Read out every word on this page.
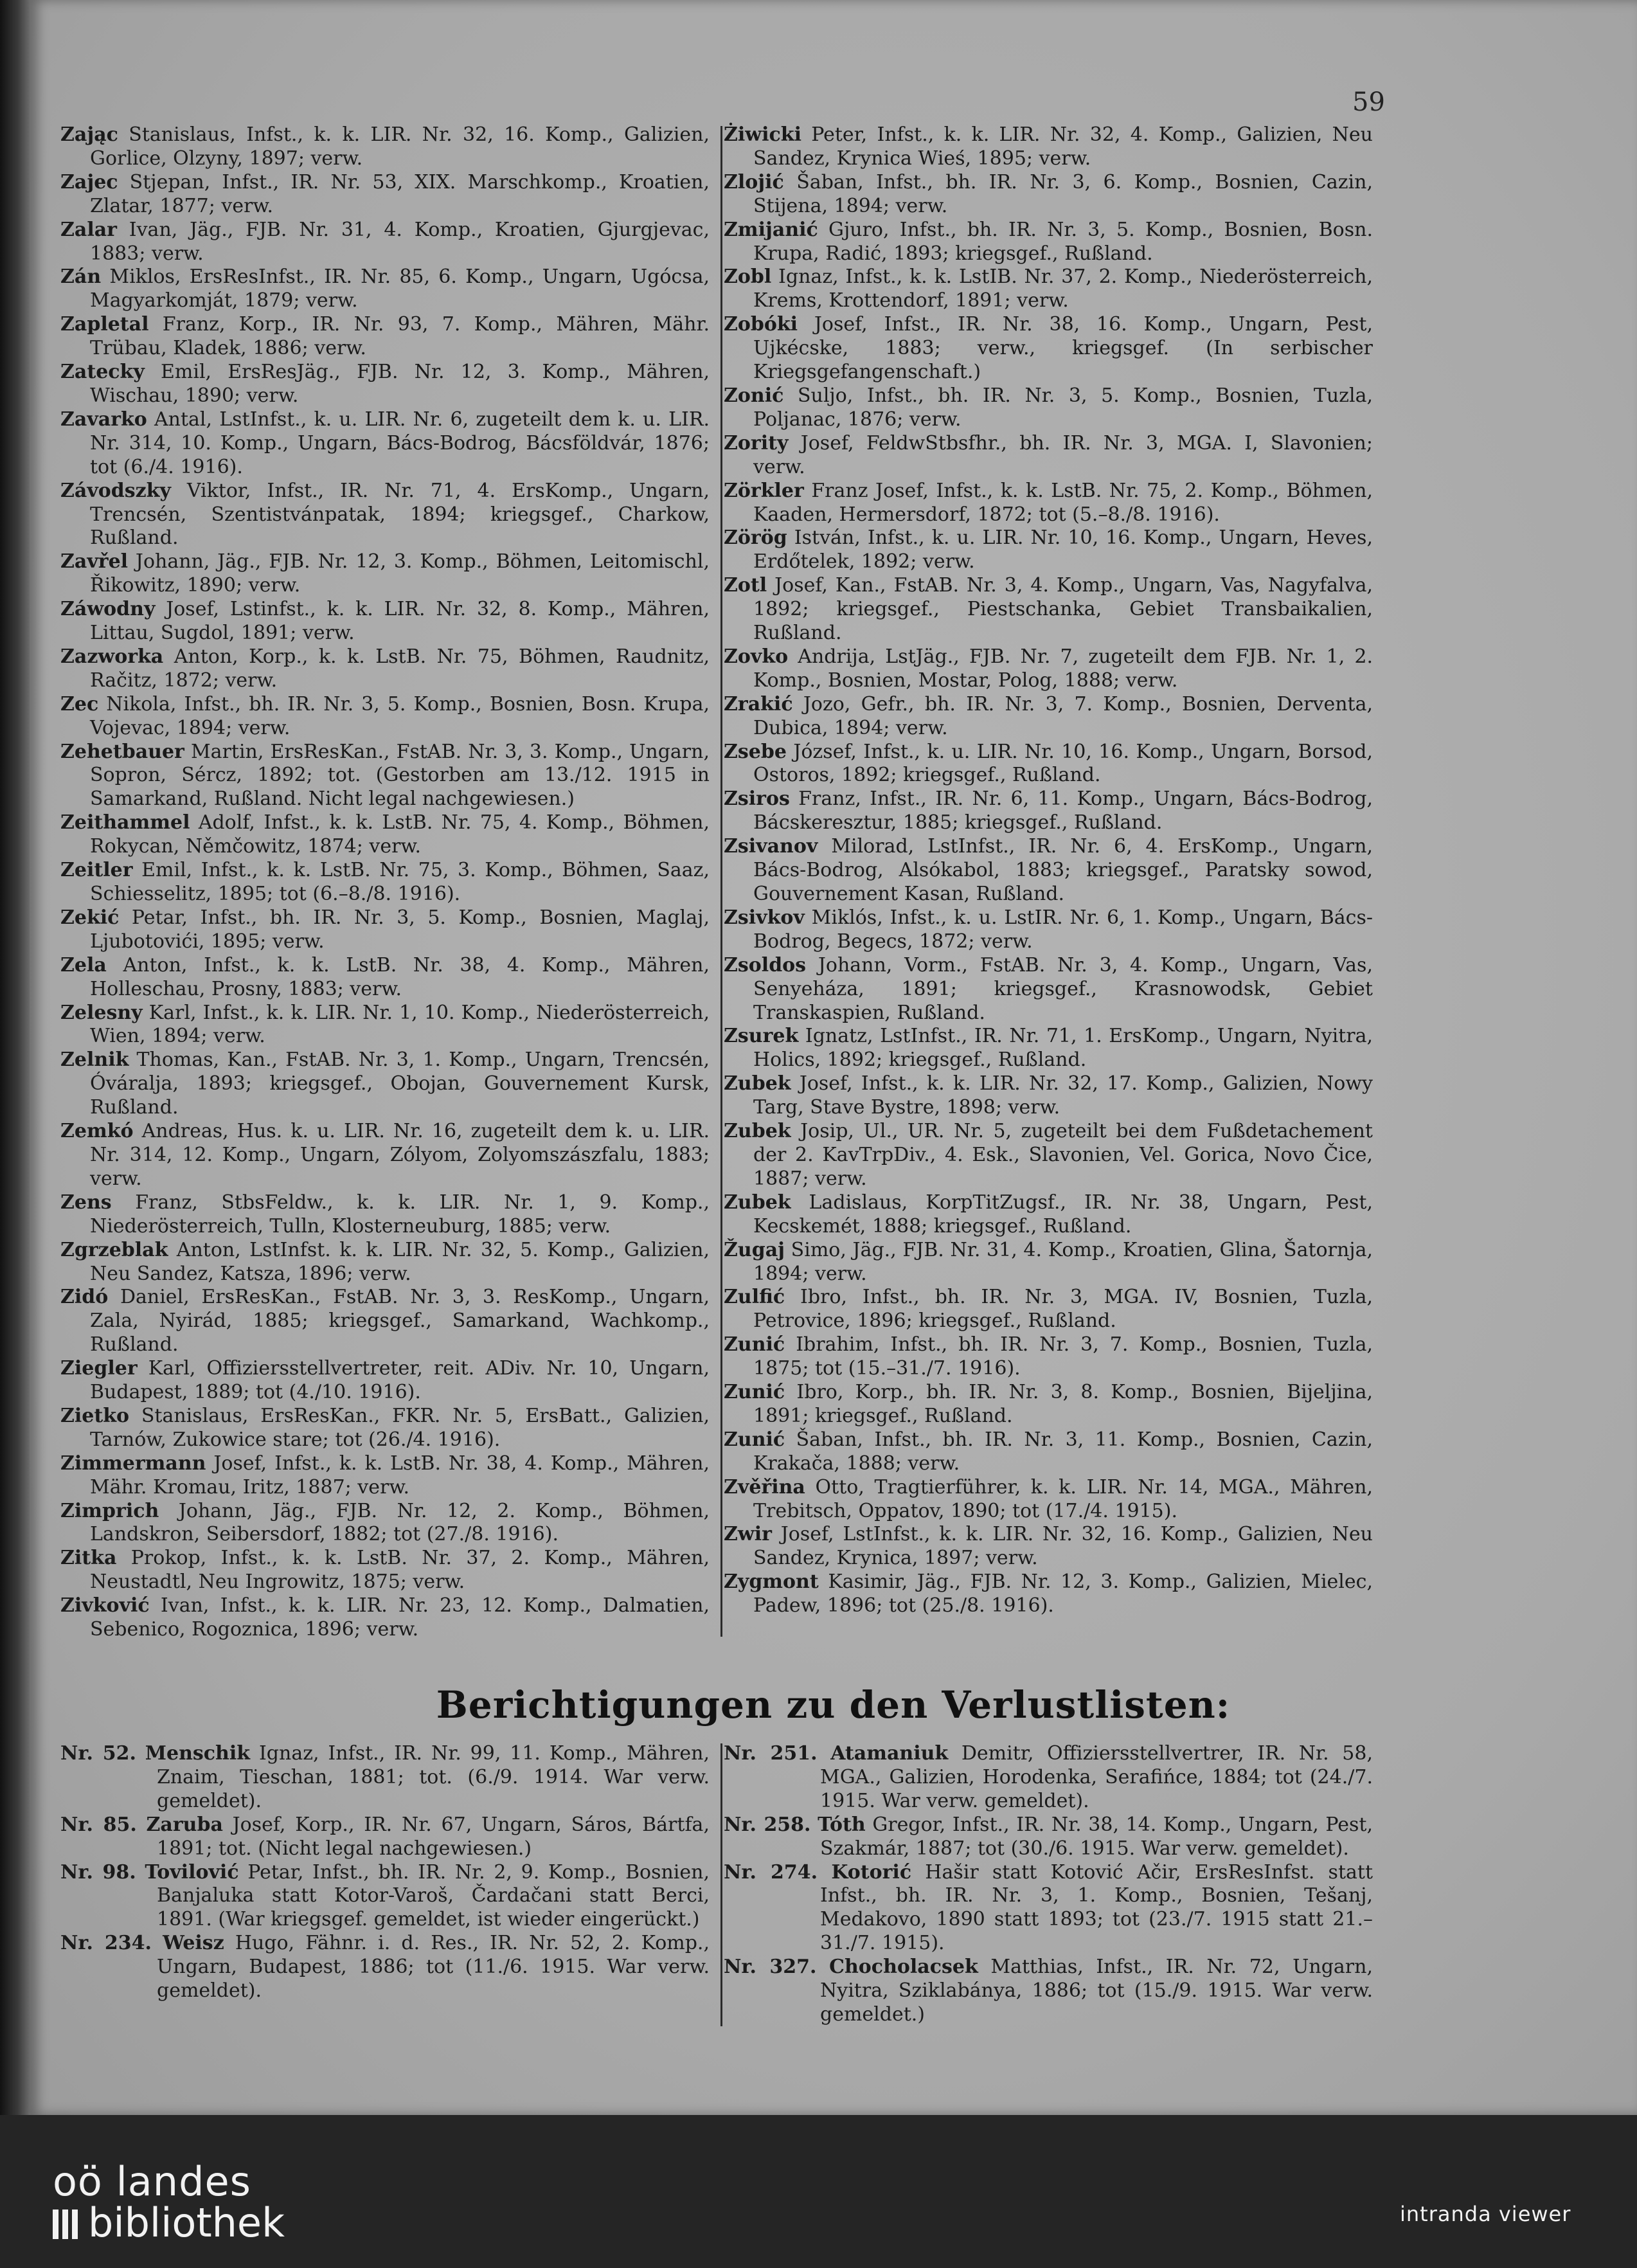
59

Zając Stanislaus, Infst., k. k. LIR. Nr. 32, 16. Komp., Galizien, Gorlice, Olzyny, 1897; verw.

Zajec Stjepan, Infst., IR. Nr. 53, XIX. Marschkomp., Kroatien, Zlatar, 1877; verw.

Zalar Ivan, Jäg., FJB. Nr. 31, 4. Komp., Kroatien, Gjurgjevac, 1883; verw.

Zán Miklos, ErsResInfst., IR. Nr. 85, 6. Komp., Ungarn, Ugócsa, Magyarkomját, 1879; verw.

Zapletal Franz, Korp., IR. Nr. 93, 7. Komp., Mähren, Mähr. Trübau, Kladek, 1886; verw.

Zatecky Emil, ErsResJäg., FJB. Nr. 12, 3. Komp., Mähren, Wischau, 1890; verw.

Zavarko Antal, LstInfst., k. u. LIR. Nr. 6, zugeteilt dem k. u. LIR. Nr. 314, 10. Komp., Ungarn, Bács-Bodrog, Bácsföldvár, 1876; tot (6./4. 1916).

Závodszky Viktor, Infst., IR. Nr. 71, 4. ErsKomp., Ungarn, Trencsén, Szentistvánpatak, 1894; kriegsgef., Charkow, Rußland.

Zavřel Johann, Jäg., FJB. Nr. 12, 3. Komp., Böhmen, Leitomischl, Řikowitz, 1890; verw.

Záwodny Josef, Lstinfst., k. k. LIR. Nr. 32, 8. Komp., Mähren, Littau, Sugdol, 1891; verw.

Zazworka Anton, Korp., k. k. LstB. Nr. 75, Böhmen, Raudnitz, Račitz, 1872; verw.

Zec Nikola, Infst., bh. IR. Nr. 3, 5. Komp., Bosnien, Bosn. Krupa, Vojevac, 1894; verw.

Zehetbauer Martin, ErsResKan., FstAB. Nr. 3, 3. Komp., Ungarn, Sopron, Sércz, 1892; tot. (Gestorben am 13./12. 1915 in Samarkand, Rußland. Nicht legal nachgewiesen.)

Zeithammel Adolf, Infst., k. k. LstB. Nr. 75, 4. Komp., Böhmen, Rokycan, Němčowitz, 1874; verw.

Zeitler Emil, Infst., k. k. LstB. Nr. 75, 3. Komp., Böhmen, Saaz, Schiesselitz, 1895; tot (6.–8./8. 1916).

Zekić Petar, Infst., bh. IR. Nr. 3, 5. Komp., Bosnien, Maglaj, Ljubotovići, 1895; verw.

Zela Anton, Infst., k. k. LstB. Nr. 38, 4. Komp., Mähren, Holleschau, Prosny, 1883; verw.

Zelesny Karl, Infst., k. k. LIR. Nr. 1, 10. Komp., Niederösterreich, Wien, 1894; verw.

Zelnik Thomas, Kan., FstAB. Nr. 3, 1. Komp., Ungarn, Trencsén, Óváralja, 1893; kriegsgef., Obojan, Gouvernement Kursk, Rußland.

Zemkó Andreas, Hus. k. u. LIR. Nr. 16, zugeteilt dem k. u. LIR. Nr. 314, 12. Komp., Ungarn, Zólyom, Zolyomszászfalu, 1883; verw.

Zens Franz, StbsFeldw., k. k. LIR. Nr. 1, 9. Komp., Niederösterreich, Tulln, Klosterneuburg, 1885; verw.

Zgrzeblak Anton, LstInfst. k. k. LIR. Nr. 32, 5. Komp., Galizien, Neu Sandez, Katsza, 1896; verw.

Zidó Daniel, ErsResKan., FstAB. Nr. 3, 3. ResKomp., Ungarn, Zala, Nyirád, 1885; kriegsgef., Samarkand, Wachkomp., Rußland.

Ziegler Karl, Offiziersstellvertreter, reit. ADiv. Nr. 10, Ungarn, Budapest, 1889; tot (4./10. 1916).

Zietko Stanislaus, ErsResKan., FKR. Nr. 5, ErsBatt., Galizien, Tarnów, Zukowice stare; tot (26./4. 1916).

Zimmermann Josef, Infst., k. k. LstB. Nr. 38, 4. Komp., Mähren, Mähr. Kromau, Iritz, 1887; verw.

Zimprich Johann, Jäg., FJB. Nr. 12, 2. Komp., Böhmen, Landskron, Seibersdorf, 1882; tot (27./8. 1916).

Zitka Prokop, Infst., k. k. LstB. Nr. 37, 2. Komp., Mähren, Neustadtl, Neu Ingrowitz, 1875; verw.

Zivković Ivan, Infst., k. k. LIR. Nr. 23, 12. Komp., Dalmatien, Sebenico, Rogoznica, 1896; verw.

Żiwicki Peter, Infst., k. k. LIR. Nr. 32, 4. Komp., Galizien, Neu Sandez, Krynica Wieś, 1895; verw.

Zlojić Šaban, Infst., bh. IR. Nr. 3, 6. Komp., Bosnien, Cazin, Stijena, 1894; verw.

Zmijanić Gjuro, Infst., bh. IR. Nr. 3, 5. Komp., Bosnien, Bosn. Krupa, Radić, 1893; kriegsgef., Rußland.

Zobl Ignaz, Infst., k. k. LstIB. Nr. 37, 2. Komp., Niederösterreich, Krems, Krottendorf, 1891; verw.

Zobóki Josef, Infst., IR. Nr. 38, 16. Komp., Ungarn, Pest, Ujkécske, 1883; verw., kriegsgef. (In serbischer Kriegsgefangenschaft.)

Zonić Suljo, Infst., bh. IR. Nr. 3, 5. Komp., Bosnien, Tuzla, Poljanac, 1876; verw.

Zority Josef, FeldwStbsfhr., bh. IR. Nr. 3, MGA. I, Slavonien; verw.

Zörkler Franz Josef, Infst., k. k. LstB. Nr. 75, 2. Komp., Böhmen, Kaaden, Hermersdorf, 1872; tot (5.–8./8. 1916).

Zörög István, Infst., k. u. LIR. Nr. 10, 16. Komp., Ungarn, Heves, Erdőtelek, 1892; verw.

Zotl Josef, Kan., FstAB. Nr. 3, 4. Komp., Ungarn, Vas, Nagyfalva, 1892; kriegsgef., Piestschanka, Gebiet Transbaikalien, Rußland.

Zovko Andrija, LstJäg., FJB. Nr. 7, zugeteilt dem FJB. Nr. 1, 2. Komp., Bosnien, Mostar, Polog, 1888; verw.

Zrakić Jozo, Gefr., bh. IR. Nr. 3, 7. Komp., Bosnien, Derventa, Dubica, 1894; verw.

Zsebe József, Infst., k. u. LIR. Nr. 10, 16. Komp., Ungarn, Borsod, Ostoros, 1892; kriegsgef., Rußland.

Zsiros Franz, Infst., IR. Nr. 6, 11. Komp., Ungarn, Bács-Bodrog, Bácskeresztur, 1885; kriegsgef., Rußland.

Zsivanov Milorad, LstInfst., IR. Nr. 6, 4. ErsKomp., Ungarn, Bács-Bodrog, Alsókabol, 1883; kriegsgef., Paratsky sowod, Gouvernement Kasan, Rußland.

Zsivkov Miklós, Infst., k. u. LstIR. Nr. 6, 1. Komp., Ungarn, Bács-Bodrog, Begecs, 1872; verw.

Zsoldos Johann, Vorm., FstAB. Nr. 3, 4. Komp., Ungarn, Vas, Senyeháza, 1891; kriegsgef., Krasnowodsk, Gebiet Transkaspien, Rußland.

Zsurek Ignatz, LstInfst., IR. Nr. 71, 1. ErsKomp., Ungarn, Nyitra, Holics, 1892; kriegsgef., Rußland.

Zubek Josef, Infst., k. k. LIR. Nr. 32, 17. Komp., Galizien, Nowy Targ, Stave Bystre, 1898; verw.

Zubek Josip, Ul., UR. Nr. 5, zugeteilt bei dem Fußdetachement der 2. KavTrpDiv., 4. Esk., Slavonien, Vel. Gorica, Novo Čice, 1887; verw.

Zubek Ladislaus, KorpTitZugsf., IR. Nr. 38, Ungarn, Pest, Kecskemét, 1888; kriegsgef., Rußland.

Žugaj Simo, Jäg., FJB. Nr. 31, 4. Komp., Kroatien, Glina, Šatornja, 1894; verw.

Zulfić Ibro, Infst., bh. IR. Nr. 3, MGA. IV, Bosnien, Tuzla, Petrovice, 1896; kriegsgef., Rußland.

Zunić Ibrahim, Infst., bh. IR. Nr. 3, 7. Komp., Bosnien, Tuzla, 1875; tot (15.–31./7. 1916).

Zunić Ibro, Korp., bh. IR. Nr. 3, 8. Komp., Bosnien, Bijeljina, 1891; kriegsgef., Rußland.

Zunić Šaban, Infst., bh. IR. Nr. 3, 11. Komp., Bosnien, Cazin, Krakača, 1888; verw.

Zvěřina Otto, Tragtierführer, k. k. LIR. Nr. 14, MGA., Mähren, Trebitsch, Oppatov, 1890; tot (17./4. 1915).

Zwir Josef, LstInfst., k. k. LIR. Nr. 32, 16. Komp., Galizien, Neu Sandez, Krynica, 1897; verw.

Zygmont Kasimir, Jäg., FJB. Nr. 12, 3. Komp., Galizien, Mielec, Padew, 1896; tot (25./8. 1916).

Berichtigungen zu den Verlustlisten:

Nr. 52. Menschik Ignaz, Infst., IR. Nr. 99, 11. Komp., Mähren, Znaim, Tieschan, 1881; tot. (6./9. 1914. War verw. gemeldet).

Nr. 85. Zaruba Josef, Korp., IR. Nr. 67, Ungarn, Sáros, Bártfa, 1891; tot. (Nicht legal nachgewiesen.)

Nr. 98. Tovilović Petar, Infst., bh. IR. Nr. 2, 9. Komp., Bosnien, Banjaluka statt Kotor-Varoš, Čardačani statt Berci, 1891. (War kriegsgef. gemeldet, ist wieder eingerückt.)

Nr. 234. Weisz Hugo, Fähnr. i. d. Res., IR. Nr. 52, 2. Komp., Ungarn, Budapest, 1886; tot (11./6. 1915. War verw. gemeldet).

Nr. 251. Atamaniuk Demitr, Offiziersstellvertrer, IR. Nr. 58, MGA., Galizien, Horodenka, Serafińce, 1884; tot (24./7. 1915. War verw. gemeldet).

Nr. 258. Tóth Gregor, Infst., IR. Nr. 38, 14. Komp., Ungarn, Pest, Szakmár, 1887; tot (30./6. 1915. War verw. gemeldet).

Nr. 274. Kotorić Hašir statt Kotović Ačir, ErsResInfst. statt Infst., bh. IR. Nr. 3, 1. Komp., Bosnien, Tešanj, Medakovo, 1890 statt 1893; tot (23./7. 1915 statt 21.–31./7. 1915).

Nr. 327. Chocholacsek Matthias, Infst., IR. Nr. 72, Ungarn, Nyitra, Sziklabánya, 1886; tot (15./9. 1915. War verw. gemeldet.)

oö landes
bibliothek	intranda viewer
